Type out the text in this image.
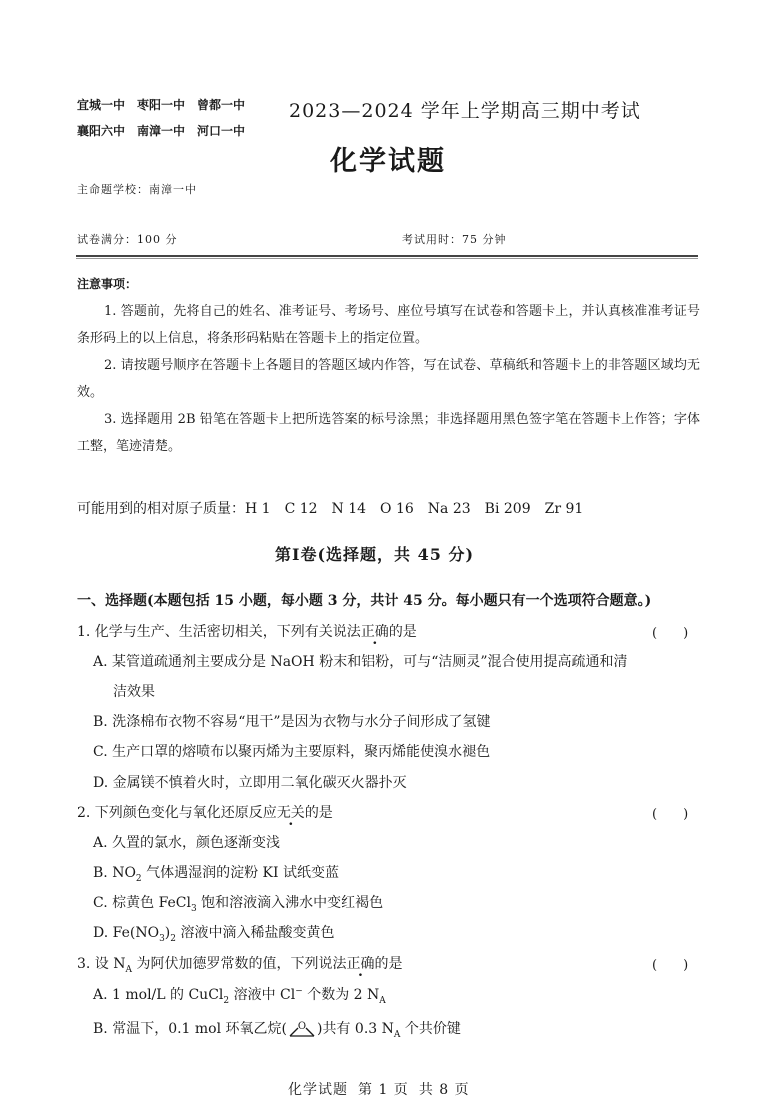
宜城一中 枣阳一中 曾都一中
襄阳六中 南漳一中 河口一中
2023—2024 学年上学期高三期中考试
化学试题
主命题学校：南漳一中
试卷满分：100 分	考试用时：75 分钟
注意事项：
1. 答题前，先将自己的姓名、准考证号、考场号、座位号填写在试卷和答题卡上，并认真核准准考证号条形码上的以上信息，将条形码粘贴在答题卡上的指定位置。
2. 请按题号顺序在答题卡上各题目的答题区域内作答，写在试卷、草稿纸和答题卡上的非答题区域均无效。
3. 选择题用 2B 铅笔在答题卡上把所选答案的标号涂黑；非选择题用黑色签字笔在答题卡上作答；字体工整，笔迹清楚。
可能用到的相对原子质量：H 1　C 12　N 14　O 16　Na 23　Bi 209　Zr 91
第Ⅰ卷(选择题，共 45 分)
一、选择题(本题包括 15 小题，每小题 3 分，共计 45 分。每小题只有一个选项符合题意。)
1. 化学与生产、生活密切相关，下列有关说法正确的是	(　　)
A. 某管道疏通剂主要成分是 NaOH 粉末和铝粉，可与“洁厕灵”混合使用提高疏通和清
洁效果
B. 洗涤棉布衣物不容易“甩干”是因为衣物与水分子间形成了氢键
C. 生产口罩的熔喷布以聚丙烯为主要原料，聚丙烯能使溴水褪色
D. 金属镁不慎着火时，立即用二氧化碳灭火器扑灭
2. 下列颜色变化与氧化还原反应无关的是	(　　)
A. 久置的氯水，颜色逐渐变浅
B. $NO_2$ 气体遇湿润的淀粉 KI 试纸变蓝
C. 棕黄色 FeCl$_3$ 饱和溶液滴入沸水中变红褐色
D. $Fe(NO_3)_2$ 溶液中滴入稀盐酸变黄色
3. 设 $N_A$ 为阿伏加德罗常数的值，下列说法正确的是	(　　)
A. 1 mol/L 的 CuCl$_2$ 溶液中 Cl− 个数为 2 $N_A$
B. 常温下，0.1 mol 环氧乙烷( O )共有 0.3 $N_A$ 个共价键
化学试题 第 1 页 共 8 页
